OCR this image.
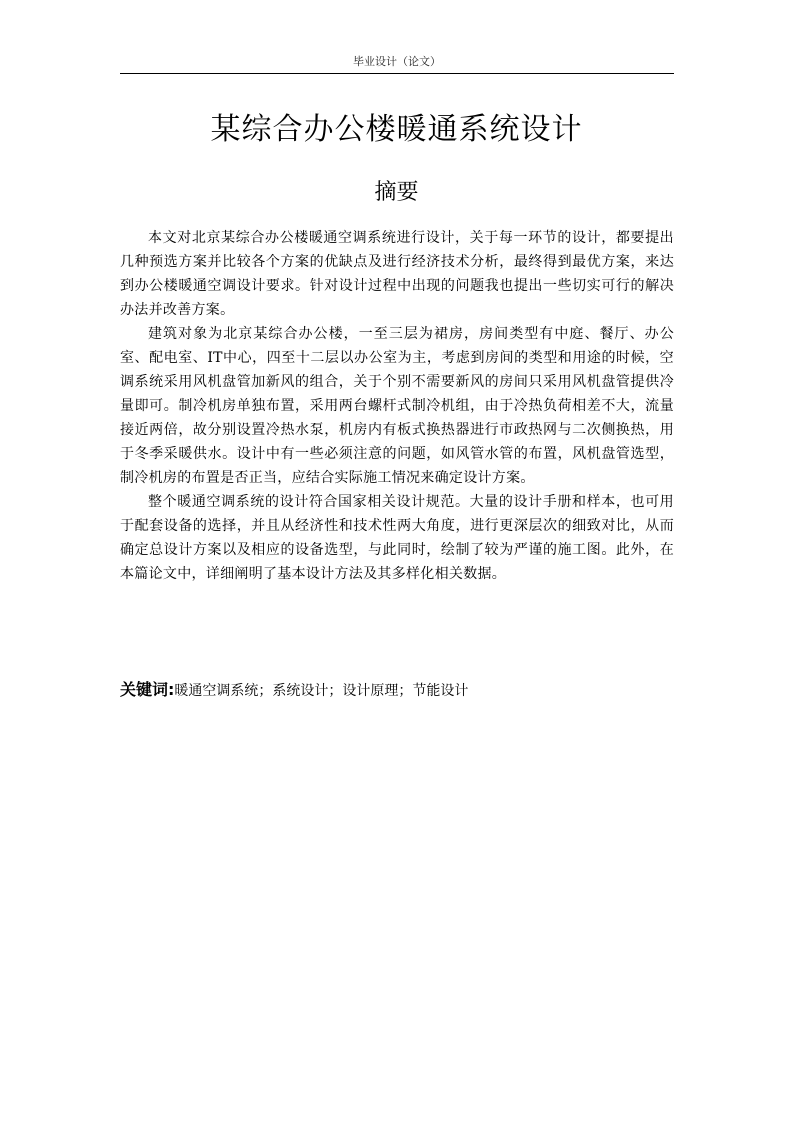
毕业设计（论文）
某综合办公楼暖通系统设计
摘要

本文对北京某综合办公楼暖通空调系统进行设计，关于每一环节的设计，都要提出几种预选方案并比较各个方案的优缺点及进行经济技术分析，最终得到最优方案，来达到办公楼暖通空调设计要求。针对设计过程中出现的问题我也提出一些切实可行的解决办法并改善方案。

建筑对象为北京某综合办公楼，一至三层为裙房，房间类型有中庭、餐厅、办公室、配电室、IT中心，四至十二层以办公室为主，考虑到房间的类型和用途的时候，空调系统采用风机盘管加新风的组合，关于个别不需要新风的房间只采用风机盘管提供冷量即可。制冷机房单独布置，采用两台螺杆式制冷机组，由于冷热负荷相差不大，流量接近两倍，故分别设置冷热水泵，机房内有板式换热器进行市政热网与二次侧换热，用于冬季采暖供水。设计中有一些必须注意的问题，如风管水管的布置，风机盘管选型，制冷机房的布置是否正当，应结合实际施工情况来确定设计方案。

整个暖通空调系统的设计符合国家相关设计规范。大量的设计手册和样本，也可用于配套设备的选择，并且从经济性和技术性两大角度，进行更深层次的细致对比，从而确定总设计方案以及相应的设备选型，与此同时，绘制了较为严谨的施工图。此外，在本篇论文中，详细阐明了基本设计方法及其多样化相关数据。

关键词:暖通空调系统；系统设计；设计原理；节能设计
